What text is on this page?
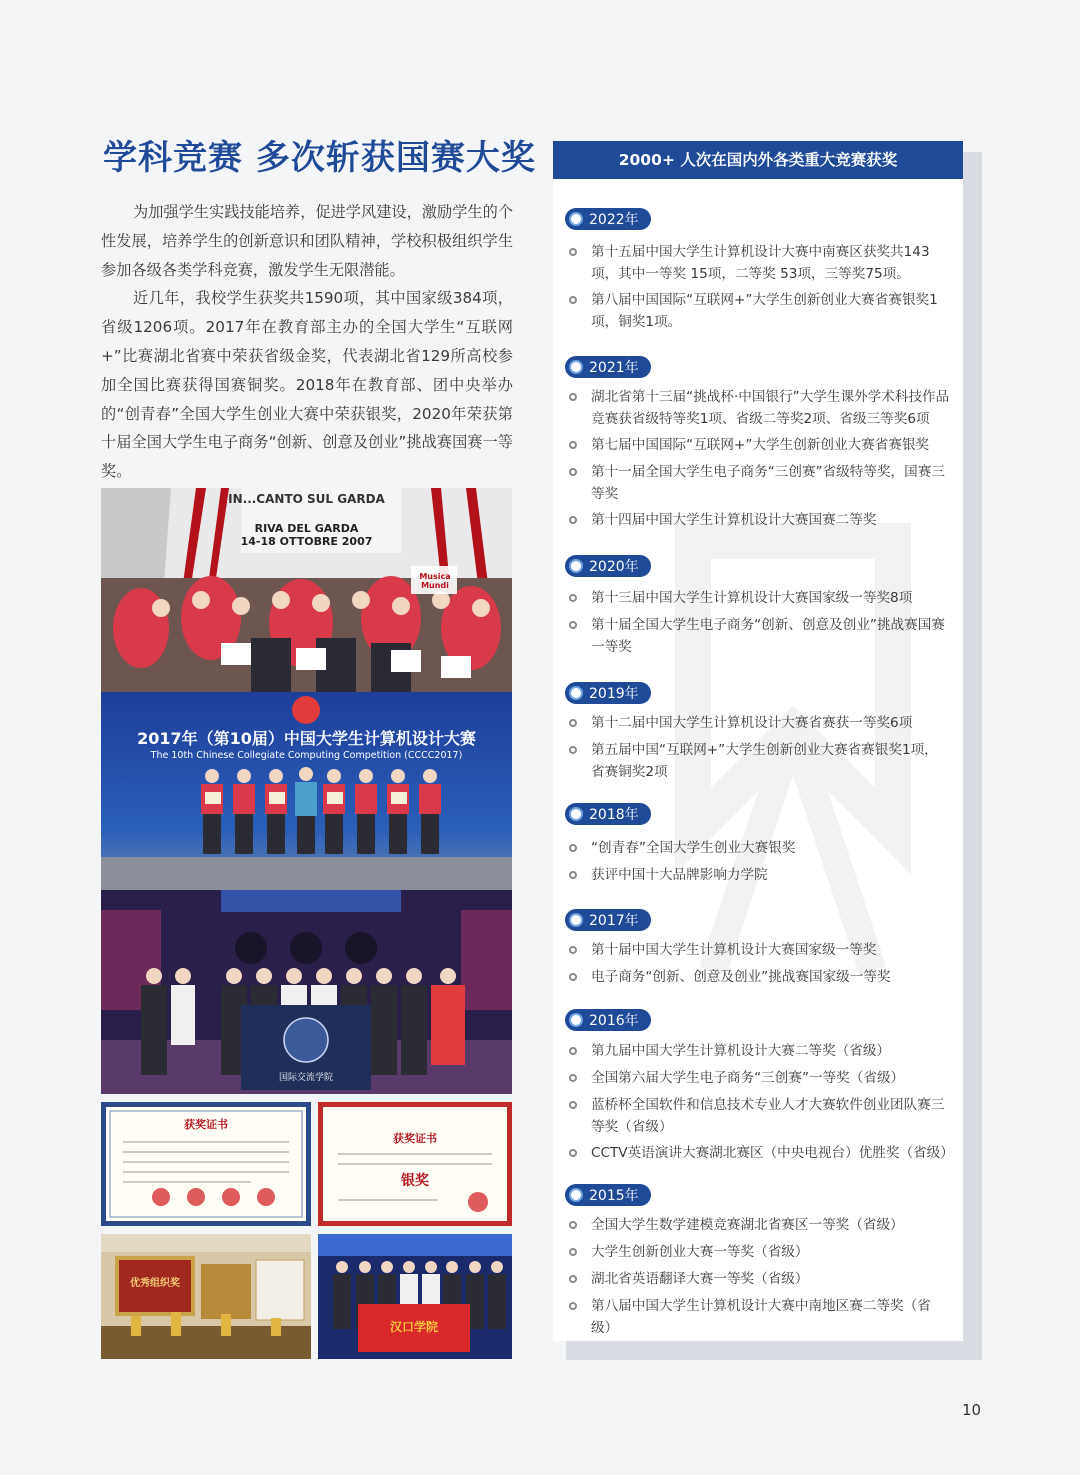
学科竞赛 多次斩获国赛大奖

为加强学生实践技能培养，促进学风建设，激励学生的个性发展，培养学生的创新意识和团队精神，学校积极组织学生参加各级各类学科竞赛，激发学生无限潜能。

近几年，我校学生获奖共1590项，其中国家级384项，省级1206项。2017年在教育部主办的全国大学生“互联网+”比赛湖北省赛中荣获省级金奖，代表湖北省129所高校参加全国比赛获得国赛铜奖。2018年在教育部、团中央举办的“创青春”全国大学生创业大赛中荣获银奖，2020年荣获第十届全国大学生电子商务“创新、创意及创业”挑战赛国赛一等奖。

IN...CANTO SUL GARDA
RIVA DEL GARDA
14-18 OTTOBRE 2007
Musica Mundi
2017年（第10届）中国大学生计算机设计大赛
The 10th Chinese Collegiate Computing Competition (CCCC2017)
国际交流学院
获奖证书
获奖证书
银奖
优秀组织奖
汉口学院
2000+ 人次在国内外各类重大竞赛获奖
2022年
第十五届中国大学生计算机设计大赛中南赛区获奖共143项，其中一等奖 15项，二等奖 53项，三等奖75项。
第八届中国国际“互联网+”大学生创新创业大赛省赛银奖1项，铜奖1项。
2021年
湖北省第十三届“挑战杯·中国银行”大学生课外学术科技作品竞赛获省级特等奖1项、省级二等奖2项、省级三等奖6项
第七届中国国际“互联网+”大学生创新创业大赛省赛银奖
第十一届全国大学生电子商务“三创赛”省级特等奖，国赛三等奖
第十四届中国大学生计算机设计大赛国赛二等奖
2020年
第十三届中国大学生计算机设计大赛国家级一等奖8项
第十届全国大学生电子商务“创新、创意及创业”挑战赛国赛一等奖
2019年
第十二届中国大学生计算机设计大赛省赛获一等奖6项
第五届中国“互联网+”大学生创新创业大赛省赛银奖1项，省赛铜奖2项
2018年
“创青春”全国大学生创业大赛银奖
获评中国十大品牌影响力学院
2017年
第十届中国大学生计算机设计大赛国家级一等奖
电子商务“创新、创意及创业”挑战赛国家级一等奖
2016年
第九届中国大学生计算机设计大赛二等奖（省级）
全国第六届大学生电子商务“三创赛”一等奖（省级）
蓝桥杯全国软件和信息技术专业人才大赛软件创业团队赛三等奖（省级）
CCTV英语演讲大赛湖北赛区（中央电视台）优胜奖（省级）
2015年
全国大学生数学建模竞赛湖北省赛区一等奖（省级）
大学生创新创业大赛一等奖（省级）
湖北省英语翻译大赛一等奖（省级）
第八届中国大学生计算机设计大赛中南地区赛二等奖（省级）
10
